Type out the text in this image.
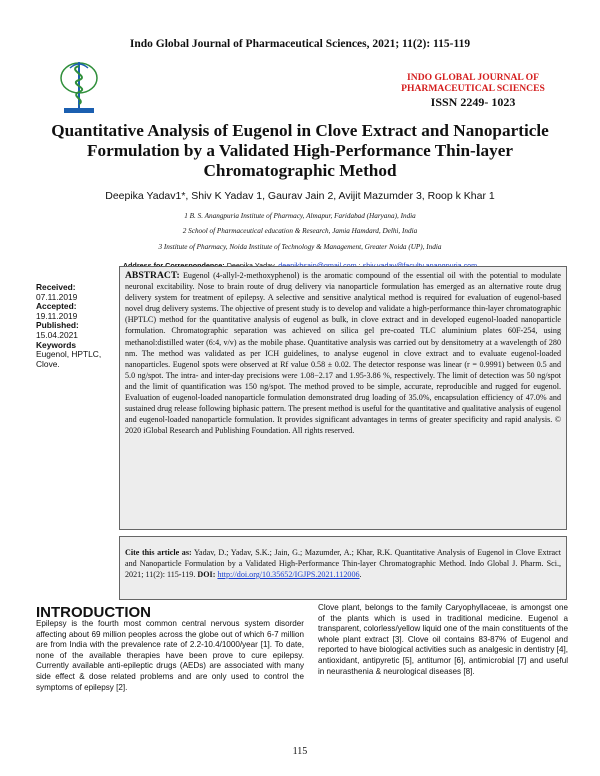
Indo Global Journal of Pharmaceutical Sciences, 2021; 11(2): 115-119
INDO GLOBAL JOURNAL OF PHARMACEUTICAL SCIENCES
ISSN 2249- 1023
Quantitative Analysis of Eugenol in Clove Extract and Nanoparticle Formulation by a Validated High-Performance Thin-layer Chromatographic Method
Deepika Yadav1*, Shiv K Yadav 1, Gaurav Jain 2, Avijit Mazumder 3, Roop k Khar 1
1 B. S. Anangpuria Institute of Pharmacy, Almapur, Faridabad (Haryana), India
2 School of Pharmaceutical education & Research, Jamia Hamdard, Delhi, India
3 Institute of Pharmacy, Noida Institute of Technology & Management, Greater Noida (UP), India
Received:
07.11.2019
Accepted:
19.11.2019
Published:
15.04.2021
Keywords
Eugenol, HPTLC, Clove.
ABSTRACT: Eugenol (4-allyl-2-methoxyphenol) is the aromatic compound of the essential oil with the potential to modulate neuronal excitability. Nose to brain route of drug delivery via nanoparticle formulation has emerged as an alternative route drug delivery system for treatment of epilepsy. A selective and sensitive analytical method is required for evaluation of eugenol-based novel drug delivery systems. The objective of present study is to develop and validate a high-performance thin-layer chromatographic (HPTLC) method for the quantitative analysis of eugenol as bulk, in clove extract and in developed eugenol-loaded nanoparticle formulation. Chromatographic separation was achieved on silica gel pre-coated TLC aluminium plates 60F-254, using methanol:distilled water (6:4, v/v) as the mobile phase. Quantitative analysis was carried out by densitometry at a wavelength of 280 nm. The method was validated as per ICH guidelines, to analyse eugenol in clove extract and to evaluate eugenol-loaded nanoparticles. Eugenol spots were observed at Rf value 0.58 ± 0.02. The detector response was linear (r = 0.9991) between 0.5 and 5.0 ng/spot. The intra- and inter-day precisions were 1.08−2.17 and 1.95-3.86 %, respectively. The limit of detection was 50 ng/spot and the limit of quantification was 150 ng/spot. The method proved to be simple, accurate, reproducible and rugged for eugenol. Evaluation of eugenol-loaded nanoparticle formulation demonstrated drug loading of 35.0%, encapsulation efficiency of 47.0% and sustained drug release following biphasic pattern. The present method is useful for the quantitative and qualitative analysis of eugenol and eugenol-loaded nanoparticle formulation. It provides significant advantages in terms of greater specificity and rapid analysis. © 2020 iGlobal Research and Publishing Foundation. All rights reserved.
Cite this article as: Yadav, D.; Yadav, S.K.; Jain, G.; Mazumder, A.; Khar, R.K. Quantitative Analysis of Eugenol in Clove Extract and Nanoparticle Formulation by a Validated High-Performance Thin-layer Chromatographic Method. Indo Global J. Pharm. Sci., 2021; 11(2): 115-119. DOI: http://doi.org/10.35652/IGJPS.2021.112006.
INTRODUCTION
Epilepsy is the fourth most common central nervous system disorder affecting about 69 million peoples across the globe out of which 6-7 million are from India with the prevalence rate of 2.2-10.4/1000/year [1]. To date, none of the available therapies have been prove to cure epilepsy. Currently available anti-epileptic drugs (AEDs) are associated with many side effect & dose related problems and are only used to control the symptoms of epilepsy [2].
Clove plant, belongs to the family Caryophyllaceae, is amongst one of the plants which is used in traditional medicine. Eugenol a transparent, colorless/yellow liquid one of the main constituents of the whole plant extract [3]. Clove oil contains 83-87% of Eugenol and reported to have biological activities such as analgesic in dentistry [4], antioxidant, antipyretic [5], antitumor [6], antimicrobial [7] and useful in neurasthenia & neurological diseases [8].
115
